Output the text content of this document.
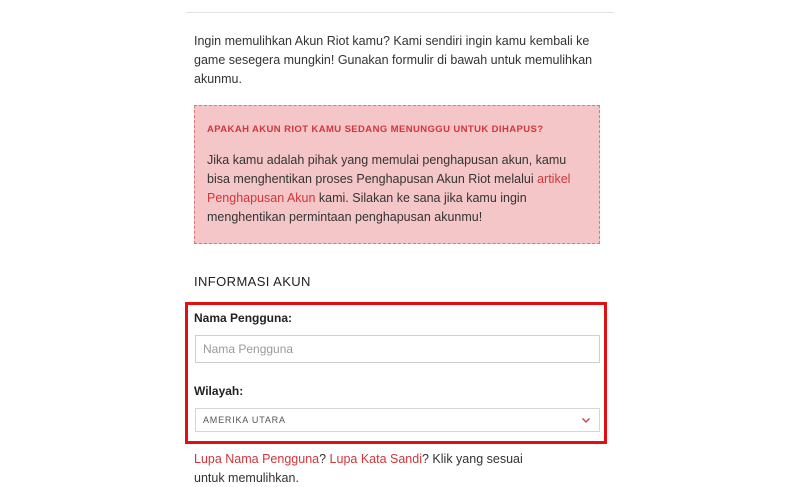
Ingin memulihkan Akun Riot kamu? Kami sendiri ingin kamu kembali ke game sesegera mungkin! Gunakan formulir di bawah untuk memulihkan akunmu.

APAKAH AKUN RIOT KAMU SEDANG MENUNGGU UNTUK DIHAPUS?

Jika kamu adalah pihak yang memulai penghapusan akun, kamu bisa menghentikan proses Penghapusan Akun Riot melalui artikel Penghapusan Akun kami. Silakan ke sana jika kamu ingin menghentikan permintaan penghapusan akunmu!

INFORMASI AKUN
Nama Pengguna:
Nama Pengguna
Wilayah:
AMERIKA UTARA

Lupa Nama Pengguna? Lupa Kata Sandi? Klik yang sesuai untuk memulihkan.
